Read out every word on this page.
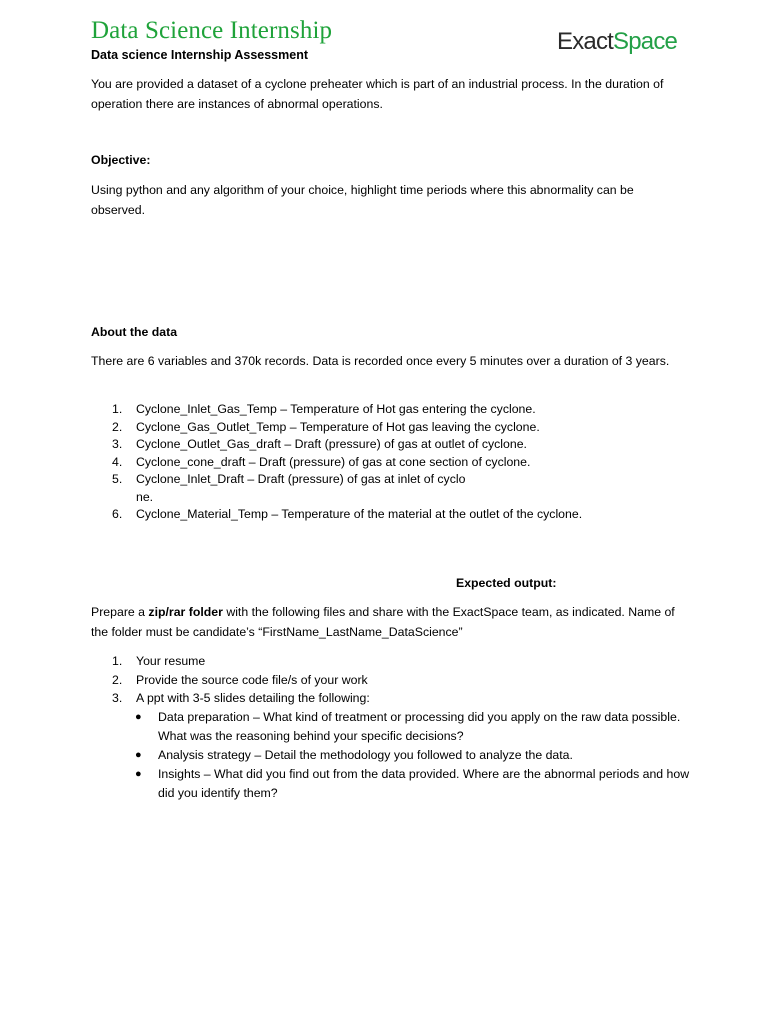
Data Science Internship	ExactSpace
Data science Internship Assessment

You are provided a dataset of a cyclone preheater which is part of an industrial process. In the duration of operation there are instances of abnormal operations.

Objective:

Using python and any algorithm of your choice, highlight time periods where this abnormality can be observed.

About the data

There are 6 variables and 370k records. Data is recorded once every 5 minutes over a duration of 3 years.

1. Cyclone_Inlet_Gas_Temp – Temperature of Hot gas entering the cyclone.
2. Cyclone_Gas_Outlet_Temp – Temperature of Hot gas leaving the cyclone.
3. Cyclone_Outlet_Gas_draft – Draft (pressure) of gas at outlet of cyclone.
4. Cyclone_cone_draft – Draft (pressure) of gas at cone section of cyclone.
5. Cyclone_Inlet_Draft – Draft (pressure) of gas at inlet of cyclo
ne.
6. Cyclone_Material_Temp – Temperature of the material at the outlet of the cyclone.
Expected output:

Prepare a zip/rar folder with the following files and share with the ExactSpace team, as indicated. Name of the folder must be candidate’s “FirstName_LastName_DataScience”

1. Your resume
2. Provide the source code file/s of your work
3. A ppt with 3-5 slides detailing the following:
● Data preparation – What kind of treatment or processing did you apply on the raw data possible. What was the reasoning behind your specific decisions?
● Analysis strategy – Detail the methodology you followed to analyze the data.
● Insights – What did you find out from the data provided. Where are the abnormal periods and how did you identify them?
